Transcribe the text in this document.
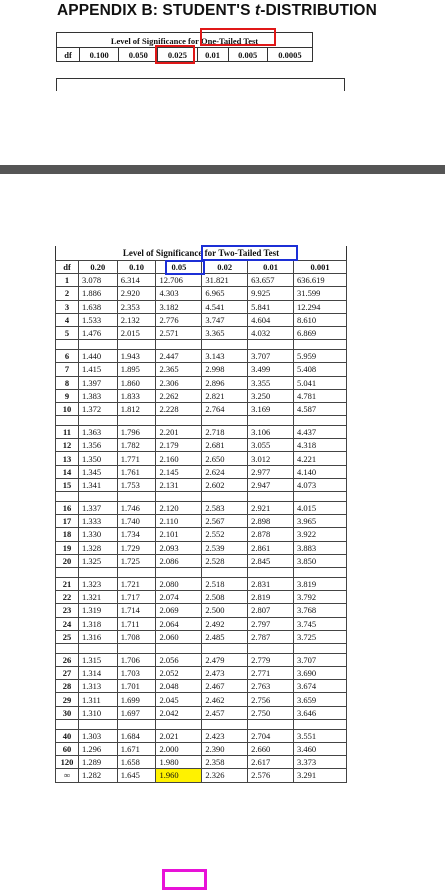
APPENDIX B: STUDENT'S t-DISTRIBUTION
Level of Significance for One-Tailed Test
df	0.100	0.050	0.025	0.01	0.005	0.0005
Level of Significance for Two-Tailed Test
df	0.20	0.10	0.05	0.02	0.01	0.001
1	3.078	6.314	12.706	31.821	63.657	636.619
2	1.886	2.920	4.303	6.965	9.925	31.599
3	1.638	2.353	3.182	4.541	5.841	12.294
4	1.533	2.132	2.776	3.747	4.604	8.610
5	1.476	2.015	2.571	3.365	4.032	6.869

6	1.440	1.943	2.447	3.143	3.707	5.959
7	1.415	1.895	2.365	2.998	3.499	5.408
8	1.397	1.860	2.306	2.896	3.355	5.041
9	1.383	1.833	2.262	2.821	3.250	4.781
10	1.372	1.812	2.228	2.764	3.169	4.587

11	1.363	1.796	2.201	2.718	3.106	4.437
12	1.356	1.782	2.179	2.681	3.055	4.318
13	1.350	1.771	2.160	2.650	3.012	4.221
14	1.345	1.761	2.145	2.624	2.977	4.140
15	1.341	1.753	2.131	2.602	2.947	4.073

16	1.337	1.746	2.120	2.583	2.921	4.015
17	1.333	1.740	2.110	2.567	2.898	3.965
18	1.330	1.734	2.101	2.552	2.878	3.922
19	1.328	1.729	2.093	2.539	2.861	3.883
20	1.325	1.725	2.086	2.528	2.845	3.850

21	1.323	1.721	2.080	2.518	2.831	3.819
22	1.321	1.717	2.074	2.508	2.819	3.792
23	1.319	1.714	2.069	2.500	2.807	3.768
24	1.318	1.711	2.064	2.492	2.797	3.745
25	1.316	1.708	2.060	2.485	2.787	3.725

26	1.315	1.706	2.056	2.479	2.779	3.707
27	1.314	1.703	2.052	2.473	2.771	3.690
28	1.313	1.701	2.048	2.467	2.763	3.674
29	1.311	1.699	2.045	2.462	2.756	3.659
30	1.310	1.697	2.042	2.457	2.750	3.646

40	1.303	1.684	2.021	2.423	2.704	3.551
60	1.296	1.671	2.000	2.390	2.660	3.460
120	1.289	1.658	1.980	2.358	2.617	3.373
∞	1.282	1.645	1.960	2.326	2.576	3.291
